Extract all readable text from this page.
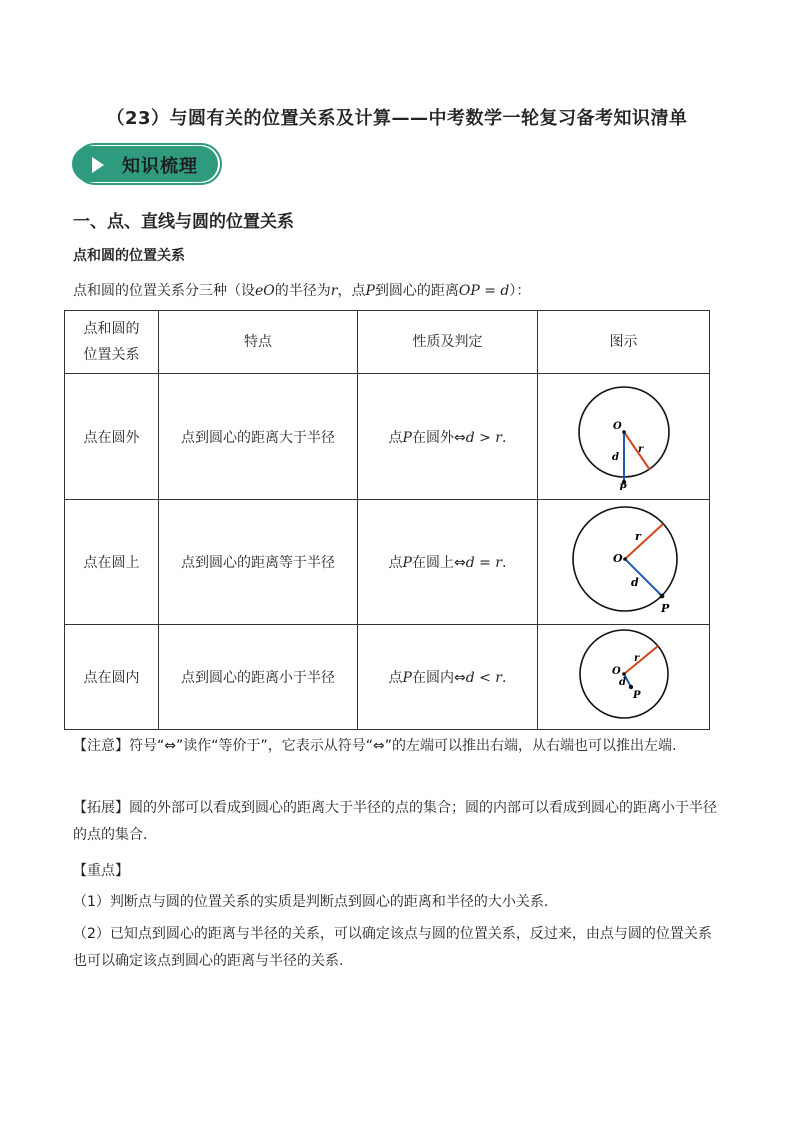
（23）与圆有关的位置关系及计算——中考数学一轮复习备考知识清单
知识梳理
一、点、直线与圆的位置关系
点和圆的位置关系
点和圆的位置关系分三种（设eO的半径为r，点P到圆心的距离OP = d）：
点和圆的
位置关系	特点	性质及判定	图示
点在圆外	点到圆心的距离大于半径	点P在圆外⇔d > r.	O
r
d
P

点在圆上	点到圆心的距离等于半径	点P在圆上⇔d = r.	O
r
d
P

点在圆内	点到圆心的距离小于半径	点P在圆内⇔d < r.	O
r
d
P
【注意】符号“⇔”读作“等价于”，它表示从符号“⇔”的左端可以推出右端，从右端也可以推出左端.
【拓展】圆的外部可以看成到圆心的距离大于半径的点的集合；圆的内部可以看成到圆心的距离小于半径的点的集合.
【重点】
（1）判断点与圆的位置关系的实质是判断点到圆心的距离和半径的大小关系.
（2）已知点到圆心的距离与半径的关系，可以确定该点与圆的位置关系，反过来，由点与圆的位置关系也可以确定该点到圆心的距离与半径的关系.
